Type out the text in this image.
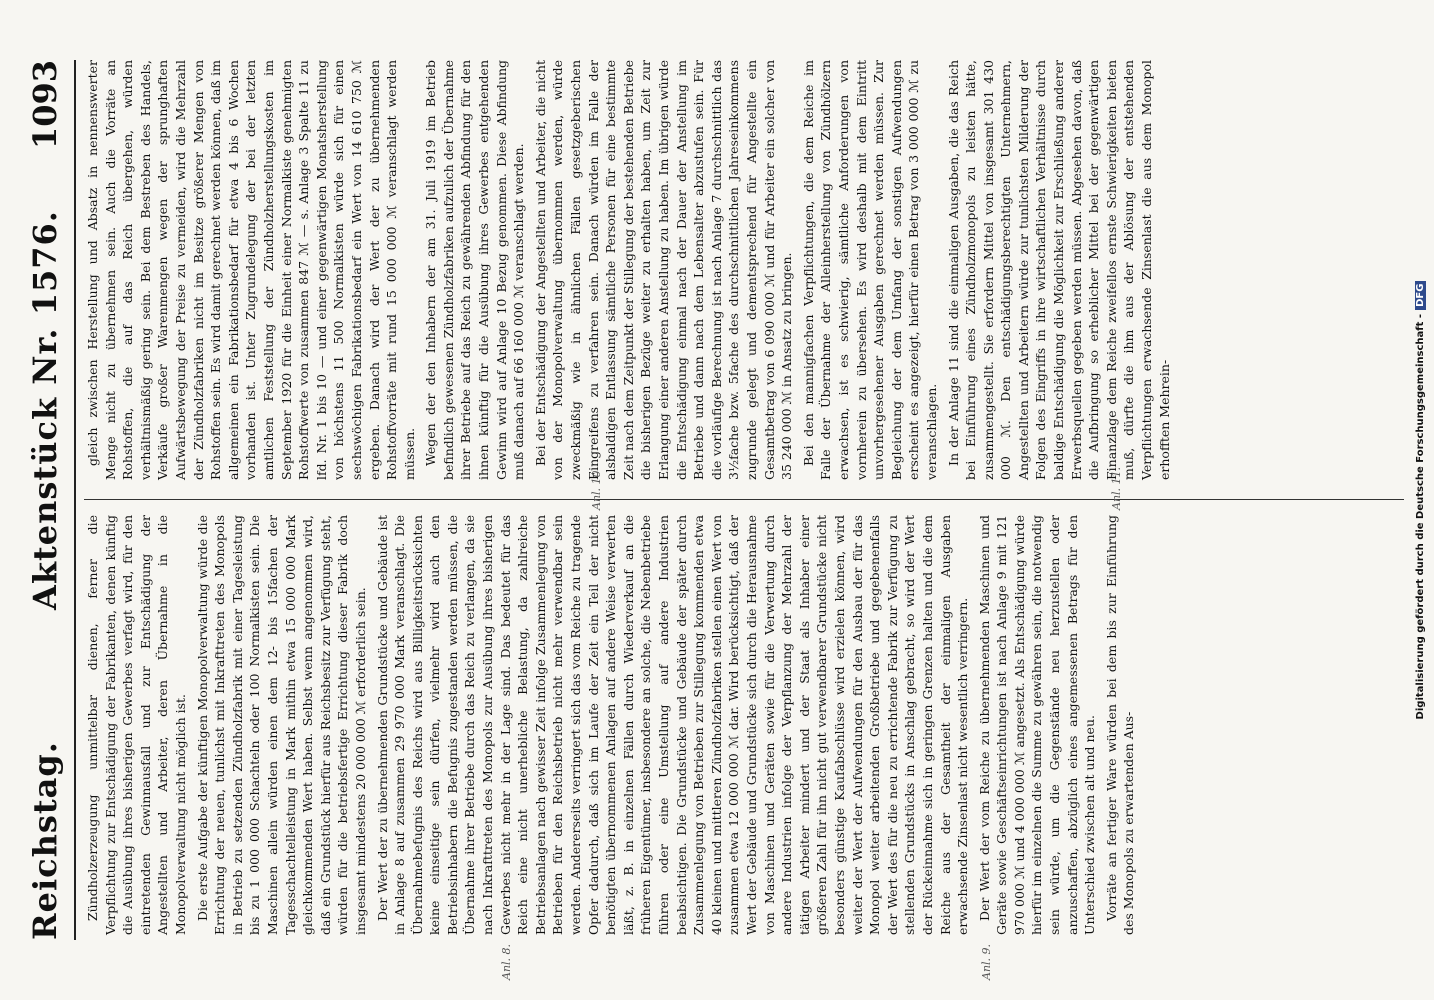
Reichstag.
Aktenstück Nr. 1576.
1093

Zündholzerzeugung unmittelbar dienen, ferner die Verpflichtung zur Entschädigung der Fabrikanten, denen künftig die Ausübung ihres bisherigen Gewerbes verfagt wird, für den eintretenden Gewinnausfall und zur Entschädigung der Angestellten und Arbeiter, deren Übernahme in die Monopolverwaltung nicht möglich ist. Die erste Aufgabe der künftigen Monopolverwaltung würde die Errichtung der neuen, tunlichst mit Inkrafttreten des Monopols in Betrieb zu setzenden Zündholzfabrik mit einer Tagesleistung bis zu 1 000 000 Schachteln oder 100 Normalkisten sein. Die Maschinen allein würden einen dem 12- bis 15fachen der Tagesschachtelleistung in Mark mithin etwa 15 000 000 Mark gleichkommenden Wert haben. Selbst wenn angenommen wird, daß ein Grundstück hierfür aus Reichsbesitz zur Verfügung steht, würden für die betriebsfertige Errichtung dieser Fabrik doch insgesamt mindestens 20 000 000 ℳ erforderlich sein. Der Wert der zu übernehmenden Grundstücke und Gebäude ist in Anlage 8 auf zusammen 29 970 000 Mark veranschlagt. Die Übernahmebefugnis des Reichs wird aus Billigkeitsrücksichten keine einseitige sein dürfen, vielmehr wird auch den Betriebsinhabern die Befugnis zugestanden werden müssen, die Übernahme ihrer Betriebe durch das Reich zu verlangen, da sie nach Inkrafttreten des Monopols zur Ausübung ihres bisherigen Gewerbes nicht mehr in der Lage sind. Das bedeutet für das Reich eine nicht unerhebliche Belastung, da zahlreiche Betriebsanlagen nach gewisser Zeit infolge Zusammenlegung von Betrieben für den Reichsbetrieb nicht mehr verwendbar sein werden. Andererseits verringert sich das vom Reiche zu tragende Opfer dadurch, daß sich im Laufe der Zeit ein Teil der nicht benötigten übernommenen Anlagen auf andere Weise verwerten läßt, z. B. in einzelnen Fällen durch Wiederverkauf an die früheren Eigentümer, insbesondere an solche, die Nebenbetriebe führen oder eine Umstellung auf andere Industrien beabsichtigen. Die Grundstücke und Gebäude der später durch Zusammenlegung von Betrieben zur Stillegung kommenden etwa 40 kleinen und mittleren Zündholzfabriken stellen einen Wert von zusammen etwa 12 000 000 ℳ dar. Wird berücksichtigt, daß der Wert der Gebäude und Grundstücke sich durch die Herausnahme von Maschinen und Geräten sowie für die Verwertung durch andere Industrien infolge der Verpflanzung der Mehrzahl der tätigen Arbeiter mindert und der Staat als Inhaber einer größeren Zahl für ihn nicht gut verwendbarer Grundstücke nicht besonders günstige Kaufabschlüsse wird erzielen können, wird weiter der Wert der Aufwendungen für den Ausbau der für das Monopol weiter arbeitenden Großbetriebe und gegebenenfalls der Wert des für die neu zu errichtende Fabrik zur Verfügung zu stellenden Grundstücks in Anschlag gebracht, so wird der Wert der Rückeinnahme sich in geringen Grenzen halten und die dem Reiche aus der Gesamtheit der einmaligen Ausgaben erwachsende Zinsenlast nicht wesentlich verringern. Der Wert der vom Reiche zu übernehmenden Maschinen und Geräte sowie Geschäftseinrichtungen ist nach Anlage 9 mit 121 970 000 ℳ und 4 000 000 ℳ angesetzt. Als Entschädigung würde hierfür im einzelnen die Summe zu gewähren sein, die notwendig sein würde, um die Gegenstände neu herzustellen oder anzuschaffen, abzüglich eines angemessenen Betrags für den Unterschied zwischen alt und neu. Vorräte an fertiger Ware würden bei dem bis zur Einführung des Monopols zu erwartenden Aus-

gleich zwischen Herstellung und Absatz in nennenswerter Menge nicht zu übernehmen sein. Auch die Vorräte an Rohstoffen, die auf das Reich übergehen, würden verhältnismäßig gering sein. Bei dem Bestreben des Handels, Verkäufe großer Warenmengen wegen der sprunghaften Aufwärtsbewegung der Preise zu vermeiden, wird die Mehrzahl der Zündholzfabriken nicht im Besitze größerer Mengen von Rohstoffen sein. Es wird damit gerechnet werden können, daß im allgemeinen ein Fabrikationsbedarf für etwa 4 bis 6 Wochen vorhanden ist. Unter Zugrundelegung der bei der letzten amtlichen Feststellung der Zündholzherstellungskosten im September 1920 für die Einheit einer Normalkiste genehmigten Rohstoffwerte von zusammen 847 ℳ — s. Anlage 3 Spalte 11 zu lfd. Nr. 1 bis 10 — und einer gegenwärtigen Monatsherstellung von höchstens 11 500 Normalkisten würde sich für einen sechswöchigen Fabrikationsbedarf ein Wert von 14 610 750 ℳ ergeben. Danach wird der Wert der zu übernehmenden Rohstoffvorräte mit rund 15 000 000 ℳ veranschlagt werden müssen. Wegen der den Inhabern der am 31. Juli 1919 im Betrieb befindlich gewesenen Zündholzfabriken aufzulich der Übernahme ihrer Betriebe auf das Reich zu gewährenden Abfindung für den ihnen künftig für die Ausübung ihres Gewerbes entgehenden Gewinn wird auf Anlage 10 Bezug genommen. Diese Abfindung muß danach auf 66 160 000 ℳ veranschlagt werden. Bei der Entschädigung der Angestellten und Arbeiter, die nicht von der Monopolverwaltung übernommen werden, würde zweckmäßig wie in ähnlichen Fällen gesetzgeberischen Eingreifens zu verfahren sein. Danach würden im Falle der alsbaldigen Entlassung sämtliche Personen für eine bestimmte Zeit nach dem Zeitpunkt der Stillegung der bestehenden Betriebe die bisherigen Bezüge weiter zu erhalten haben, um Zeit zur Erlangung einer anderen Anstellung zu haben. Im übrigen würde die Entschädigung einmal nach der Dauer der Anstellung im Betriebe und dann nach dem Lebensalter abzustufen sein. Für die vorläufige Berechnung ist nach Anlage 7 durchschnittlich das 3½fache bzw. 5fache des durchschnittlichen Jahreseinkommens zugrunde gelegt und dementsprechend für Angestellte ein Gesamtbetrag von 6 090 000 ℳ und für Arbeiter ein solcher von 35 240 000 ℳ in Ansatz zu bringen. Bei den mannigfachen Verpflichtungen, die dem Reiche im Falle der Übernahme der Alleinherstellung von Zündhölzern erwachsen, ist es schwierig, sämtliche Anforderungen von vornherein zu übersehen. Es wird deshalb mit dem Eintritt unvorhergesehener Ausgaben gerechnet werden müssen. Zur Begleichung der dem Umfang der sonstigen Aufwendungen erscheint es angezeigt, hierfür einen Betrag von 3 000 000 ℳ zu veranschlagen. In der Anlage 11 sind die einmaligen Ausgaben, die das Reich bei Einführung eines Zündholzmonopols zu leisten hätte, zusammengestellt. Sie erfordern Mittel von insgesamt 301 430 000 ℳ. Den entschädigungsberechtigten Unternehmern, Angestellten und Arbeitern würde zur tunlichsten Milderung der Folgen des Eingriffs in ihre wirtschaftlichen Verhältnisse durch baldige Entschädigung die Möglichkeit zur Erschließung anderer Erwerbsquellen gegeben werden müssen. Abgesehen davon, daß die Aufbringung so erheblicher Mittel bei der gegenwärtigen Finanzlage dem Reiche zweifellos ernste Schwierigkeiten bieten muß, dürfte die ihm aus der Ablösung der entstehenden Verpflichtungen erwachsende Zinsenlast die aus dem Monopol erhofften Mehrein-

Anl. 8.	Anl. 9.
Anl. 10	Anl. 11.	Digitalisierung gefördert durch die Deutsche Forschungsgemeinschaft -DFG
